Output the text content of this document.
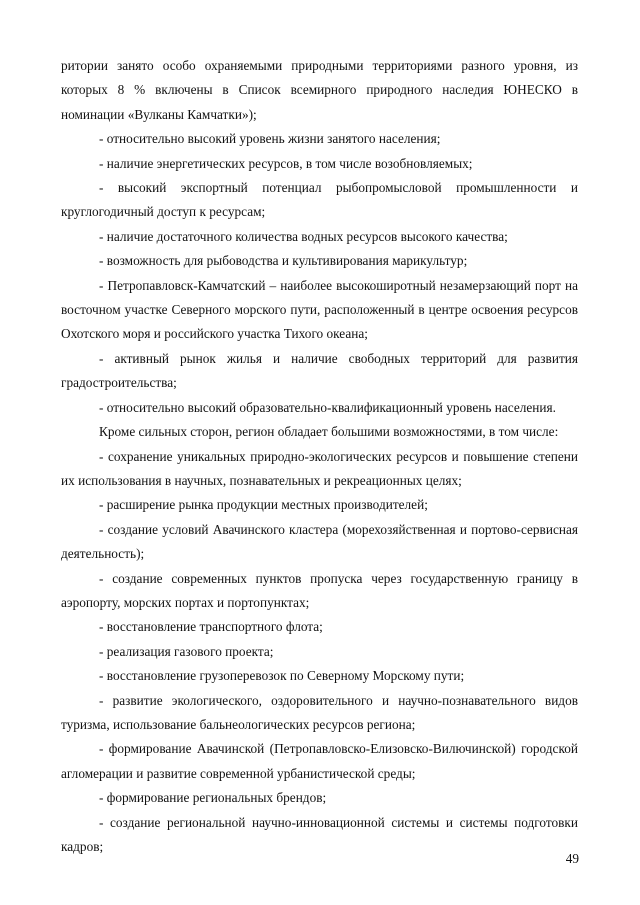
ритории занято особо охраняемыми природными территориями разного уровня, из которых 8 % включены в Список всемирного природного наследия ЮНЕСКО в номинации «Вулканы Камчатки»);

- относительно высокий уровень жизни занятого населения;

- наличие энергетических ресурсов, в том числе возобновляемых;

- высокий экспортный потенциал рыбопромысловой промышленности и круглогодичный доступ к ресурсам;

- наличие достаточного количества водных ресурсов высокого качества;

- возможность для рыбоводства и культивирования марикультур;

- Петропавловск-Камчатский – наиболее высокоширотный незамерзающий порт на восточном участке Северного морского пути, расположенный в центре освоения ресурсов Охотского моря и российского участка Тихого океана;

- активный рынок жилья и наличие свободных территорий для развития градостроительства;

- относительно высокий образовательно-квалификационный уровень населения.

Кроме сильных сторон, регион обладает большими возможностями, в том числе:

- сохранение уникальных природно-экологических ресурсов и повышение степени их использования в научных, познавательных и рекреационных целях;

- расширение рынка продукции местных производителей;

- создание условий Авачинского кластера (морехозяйственная и портово-сервисная деятельность);

- создание современных пунктов пропуска через государственную границу в аэропорту, морских портах и портопунктах;

- восстановление транспортного флота;

- реализация газового проекта;

- восстановление грузоперевозок по Северному Морскому пути;

- развитие экологического, оздоровительного и научно-познавательного видов туризма, использование бальнеологических ресурсов региона;

- формирование Авачинской (Петропавловско-Елизовско-Вилючинской) городской агломерации и развитие современной урбанистической среды;

- формирование региональных брендов;

- создание региональной научно-инновационной системы и системы подготовки кадров;

49
